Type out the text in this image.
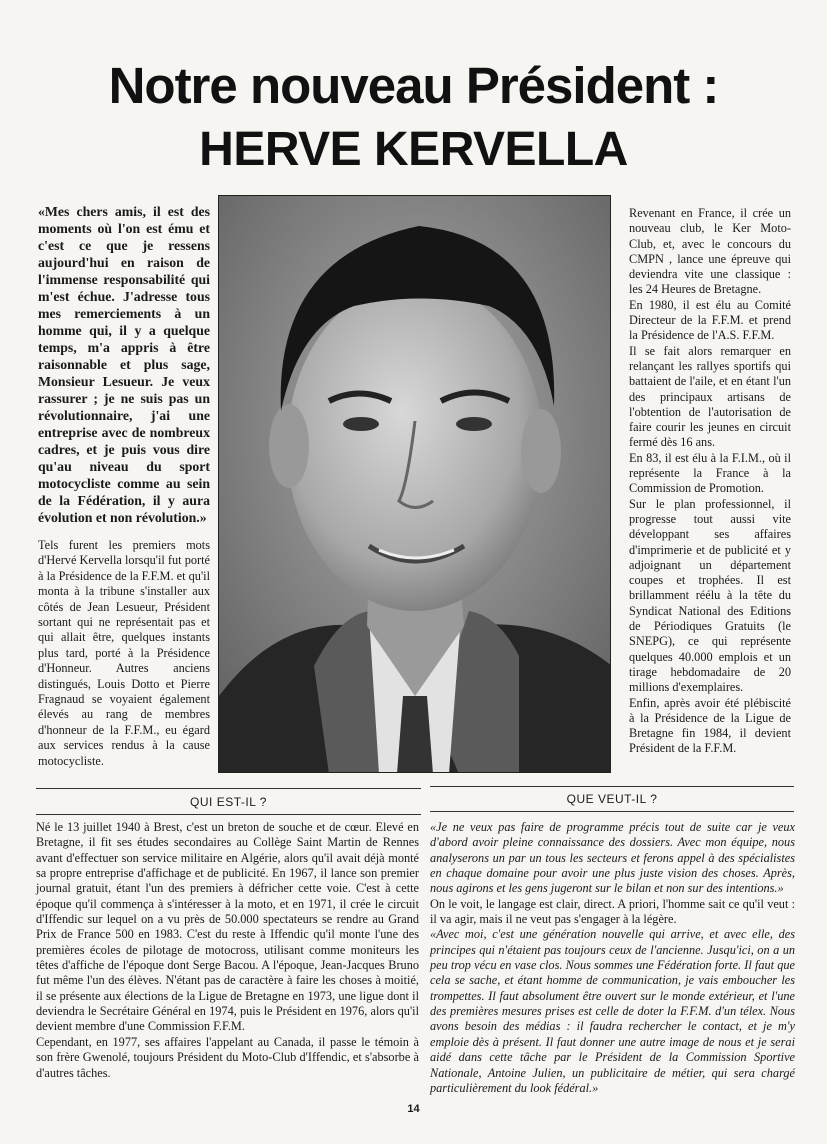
Notre nouveau Président :
HERVE KERVELLA
«Mes chers amis, il est des moments où l'on est ému et c'est ce que je ressens aujourd'hui en raison de l'immense responsabilité qui m'est échue. J'adresse tous mes remerciements à un homme qui, il y a quelque temps, m'a appris à être raisonnable et plus sage, Monsieur Lesueur. Je veux rassurer ; je ne suis pas un révolutionnaire, j'ai une entreprise avec de nombreux cadres, et je puis vous dire qu'au niveau du sport motocycliste comme au sein de la Fédération, il y aura évolution et non révolution.»
Tels furent les premiers mots d'Hervé Kervella lorsqu'il fut porté à la Présidence de la F.F.M. et qu'il monta à la tribune s'installer aux côtés de Jean Lesueur, Président sortant qui ne représentait pas et qui allait être, quelques instants plus tard, porté à la Présidence d'Honneur. Autres anciens distingués, Louis Dotto et Pierre Fragnaud se voyaient également élevés au rang de membres d'honneur de la F.F.M., eu égard aux services rendus à la cause motocycliste.

Revenant en France, il crée un nouveau club, le Ker Moto-Club, et, avec le concours du CMPN , lance une épreuve qui deviendra vite une classique : les 24 Heures de Bretagne.

En 1980, il est élu au Comité Directeur de la F.F.M. et prend la Présidence de l'A.S. F.F.M.

Il se fait alors remarquer en relançant les rallyes sportifs qui battaient de l'aile, et en étant l'un des principaux artisans de l'obtention de l'autorisation de faire courir les jeunes en circuit fermé dès 16 ans.

En 83, il est élu à la F.I.M., où il représente la France à la Commission de Promotion.

Sur le plan professionnel, il progresse tout aussi vite développant ses affaires d'imprimerie et de publicité et y adjoignant un département coupes et trophées. Il est brillamment réélu à la tête du Syndicat National des Editions de Périodiques Gratuits (le SNEPG), ce qui représente quelques 40.000 emplois et un tirage hebdomadaire de 20 millions d'exemplaires.

Enfin, après avoir été plébiscité à la Présidence de la Ligue de Bretagne fin 1984, il devient Président de la F.F.M.

QUI EST-IL ?	QUE VEUT-IL ?

Né le 13 juillet 1940 à Brest, c'est un breton de souche et de cœur. Elevé en Bretagne, il fit ses études secondaires au Collège Saint Martin de Rennes avant d'effectuer son service militaire en Algérie, alors qu'il avait déjà monté sa propre entreprise d'affichage et de publicité. En 1967, il lance son premier journal gratuit, étant l'un des premiers à défricher cette voie. C'est à cette époque qu'il commença à s'intéresser à la moto, et en 1971, il crée le circuit d'Iffendic sur lequel on a vu près de 50.000 spectateurs se rendre au Grand Prix de France 500 en 1983. C'est du reste à Iffendic qu'il monte l'une des premières écoles de pilotage de motocross, utilisant comme moniteurs les têtes d'affiche de l'époque dont Serge Bacou. A l'époque, Jean-Jacques Bruno fut même l'un des élèves. N'étant pas de caractère à faire les choses à moitié, il se présente aux élections de la Ligue de Bretagne en 1973, une ligue dont il deviendra le Secrétaire Général en 1974, puis le Président en 1976, alors qu'il devient membre d'une Commission F.F.M.

Cependant, en 1977, ses affaires l'appelant au Canada, il passe le témoin à son frère Gwenolé, toujours Président du Moto-Club d'Iffendic, et s'absorbe à d'autres tâches.

«Je ne veux pas faire de programme précis tout de suite car je veux d'abord avoir pleine connaissance des dossiers. Avec mon équipe, nous analyserons un par un tous les secteurs et ferons appel à des spécialistes en chaque domaine pour avoir une plus juste vision des choses. Après, nous agirons et les gens jugeront sur le bilan et non sur des intentions.»

On le voit, le langage est clair, direct. A priori, l'homme sait ce qu'il veut : il va agir, mais il ne veut pas s'engager à la légère.

«Avec moi, c'est une génération nouvelle qui arrive, et avec elle, des principes qui n'étaient pas toujours ceux de l'ancienne. Jusqu'ici, on a un peu trop vécu en vase clos. Nous sommes une Fédération forte. Il faut que cela se sache, et étant homme de communication, je vais emboucher les trompettes. Il faut absolument être ouvert sur le monde extérieur, et l'une des premières mesures prises est celle de doter la F.F.M. d'un télex. Nous avons besoin des médias : il faudra rechercher le contact, et je m'y emploie dès à présent. Il faut donner une autre image de nous et je serai aidé dans cette tâche par le Président de la Commission Sportive Nationale, Antoine Julien, un publicitaire de métier, qui sera chargé particulièrement du look fédéral.»

14
